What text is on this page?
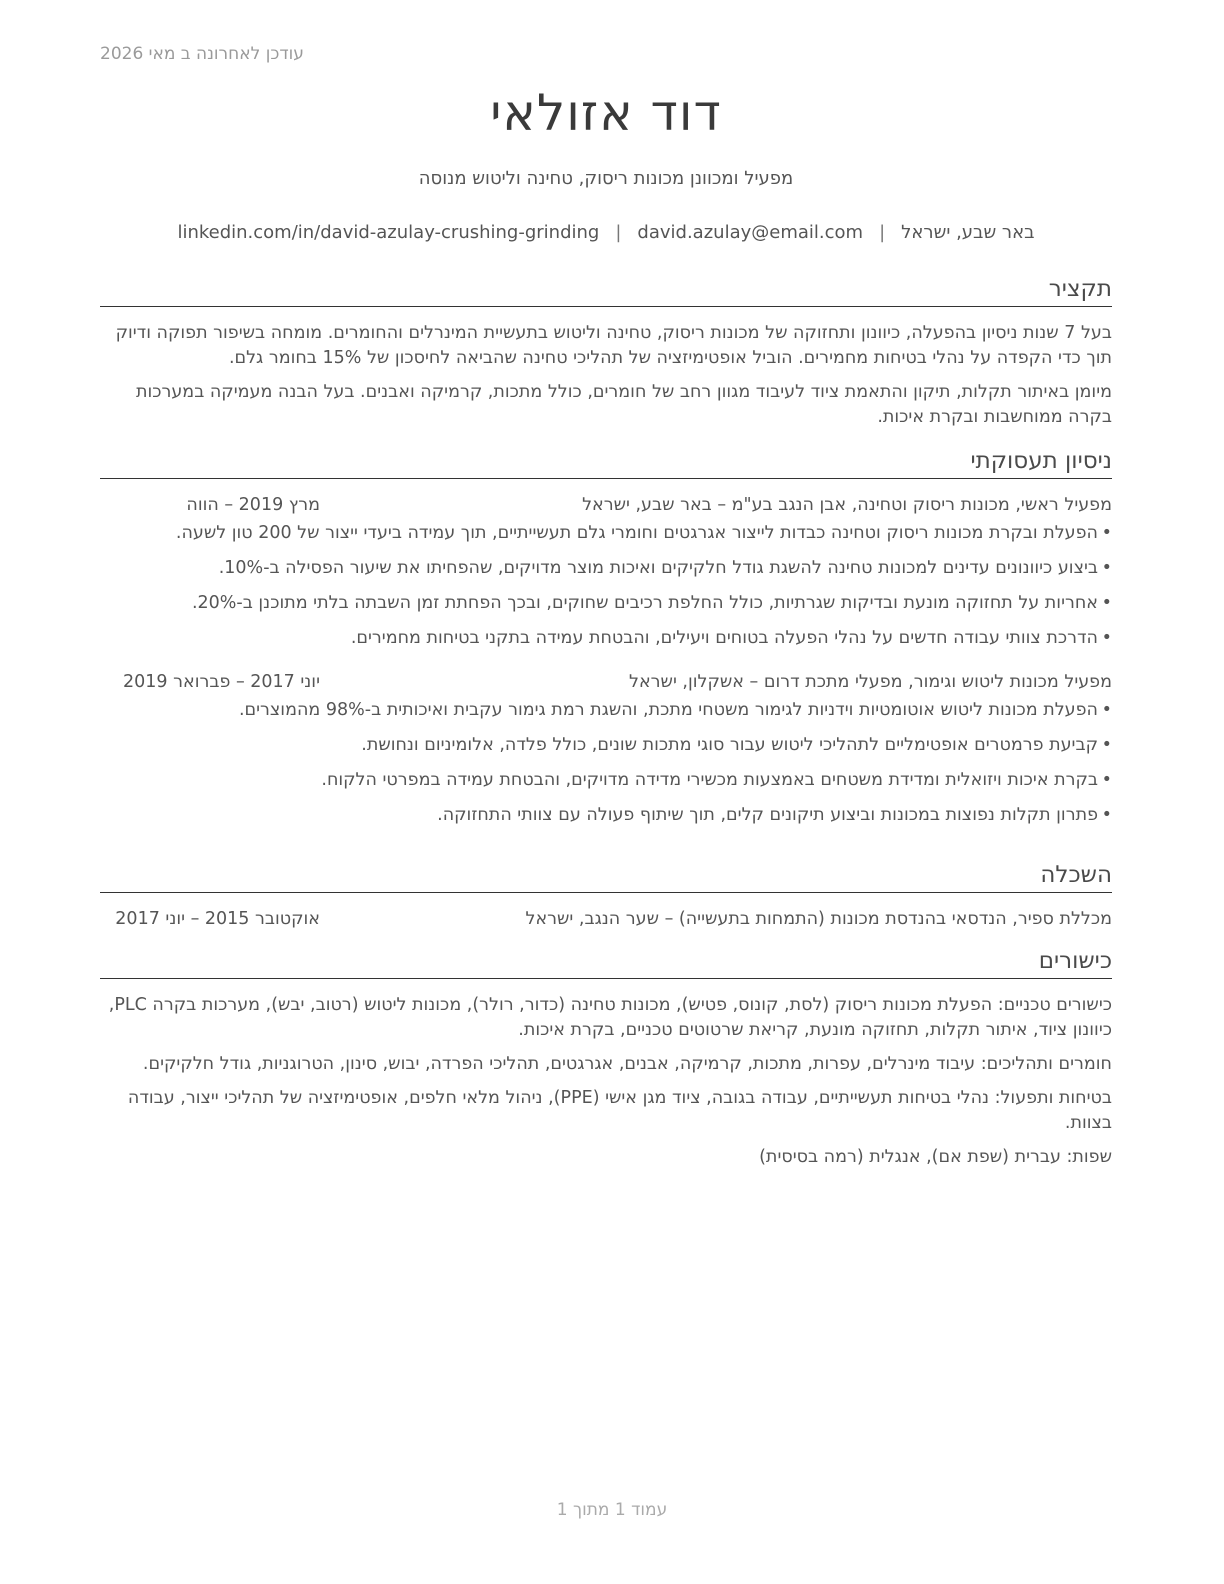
עודכן לאחרונה ב מאי 2026
דוד אזולאי
מפעיל ומכוונן מכונות ריסוק, טחינה וליטוש מנוסה
linkedin.com/in/david-azulay-crushing-grinding | david.azulay@email.com | באר שבע, ישראל
תקציר

בעל 7 שנות ניסיון בהפעלה, כיוונון ותחזוקה של מכונות ריסוק, טחינה וליטוש בתעשיית המינרלים והחומרים. מומחה בשיפור תפוקה ודיוק תוך כדי הקפדה על נהלי בטיחות מחמירים. הוביל אופטימיזציה של תהליכי טחינה שהביאה לחיסכון של 15% בחומר גלם.

מיומן באיתור תקלות, תיקון והתאמת ציוד לעיבוד מגוון רחב של חומרים, כולל מתכות, קרמיקה ואבנים. בעל הבנה מעמיקה במערכות בקרה ממוחשבות ובקרת איכות.

ניסיון תעסוקתי
מפעיל ראשי, מכונות ריסוק וטחינה, אבן הנגב בע"מ – באר שבע, ישראל
מרץ 2019 – הווה
• הפעלת ובקרת מכונות ריסוק וטחינה כבדות לייצור אגרגטים וחומרי גלם תעשייתיים, תוך עמידה ביעדי ייצור של 200 טון לשעה.
• ביצוע כיוונונים עדינים למכונות טחינה להשגת גודל חלקיקים ואיכות מוצר מדויקים, שהפחיתו את שיעור הפסילה ב-10%.
• אחריות על תחזוקה מונעת ובדיקות שגרתיות, כולל החלפת רכיבים שחוקים, ובכך הפחתת זמן השבתה בלתי מתוכנן ב-20%.
• הדרכת צוותי עבודה חדשים על נהלי הפעלה בטוחים ויעילים, והבטחת עמידה בתקני בטיחות מחמירים.
מפעיל מכונות ליטוש וגימור, מפעלי מתכת דרום – אשקלון, ישראל
יוני 2017 – פברואר 2019
• הפעלת מכונות ליטוש אוטומטיות וידניות לגימור משטחי מתכת, והשגת רמת גימור עקבית ואיכותית ב-98% מהמוצרים.
• קביעת פרמטרים אופטימליים לתהליכי ליטוש עבור סוגי מתכות שונים, כולל פלדה, אלומיניום ונחושת.
• בקרת איכות ויזואלית ומדידת משטחים באמצעות מכשירי מדידה מדויקים, והבטחת עמידה במפרטי הלקוח.
• פתרון תקלות נפוצות במכונות וביצוע תיקונים קלים, תוך שיתוף פעולה עם צוותי התחזוקה.
השכלה
מכללת ספיר, הנדסאי בהנדסת מכונות (התמחות בתעשייה) – שער הנגב, ישראל
אוקטובר 2015 – יוני 2017
כישורים

כישורים טכניים: הפעלת מכונות ריסוק (לסת, קונוס, פטיש), מכונות טחינה (כדור, רולר), מכונות ליטוש (רטוב, יבש), מערכות בקרה PLC, כיוונון ציוד, איתור תקלות, תחזוקה מונעת, קריאת שרטוטים טכניים, בקרת איכות.

חומרים ותהליכים: עיבוד מינרלים, עפרות, מתכות, קרמיקה, אבנים, אגרגטים, תהליכי הפרדה, יבוש, סינון, הטרוגניות, גודל חלקיקים.

בטיחות ותפעול: נהלי בטיחות תעשייתיים, עבודה בגובה, ציוד מגן אישי (PPE), ניהול מלאי חלפים, אופטימיזציה של תהליכי ייצור, עבודה בצוות.

שפות: עברית (שפת אם), אנגלית (רמה בסיסית)

עמוד 1 מתוך 1
